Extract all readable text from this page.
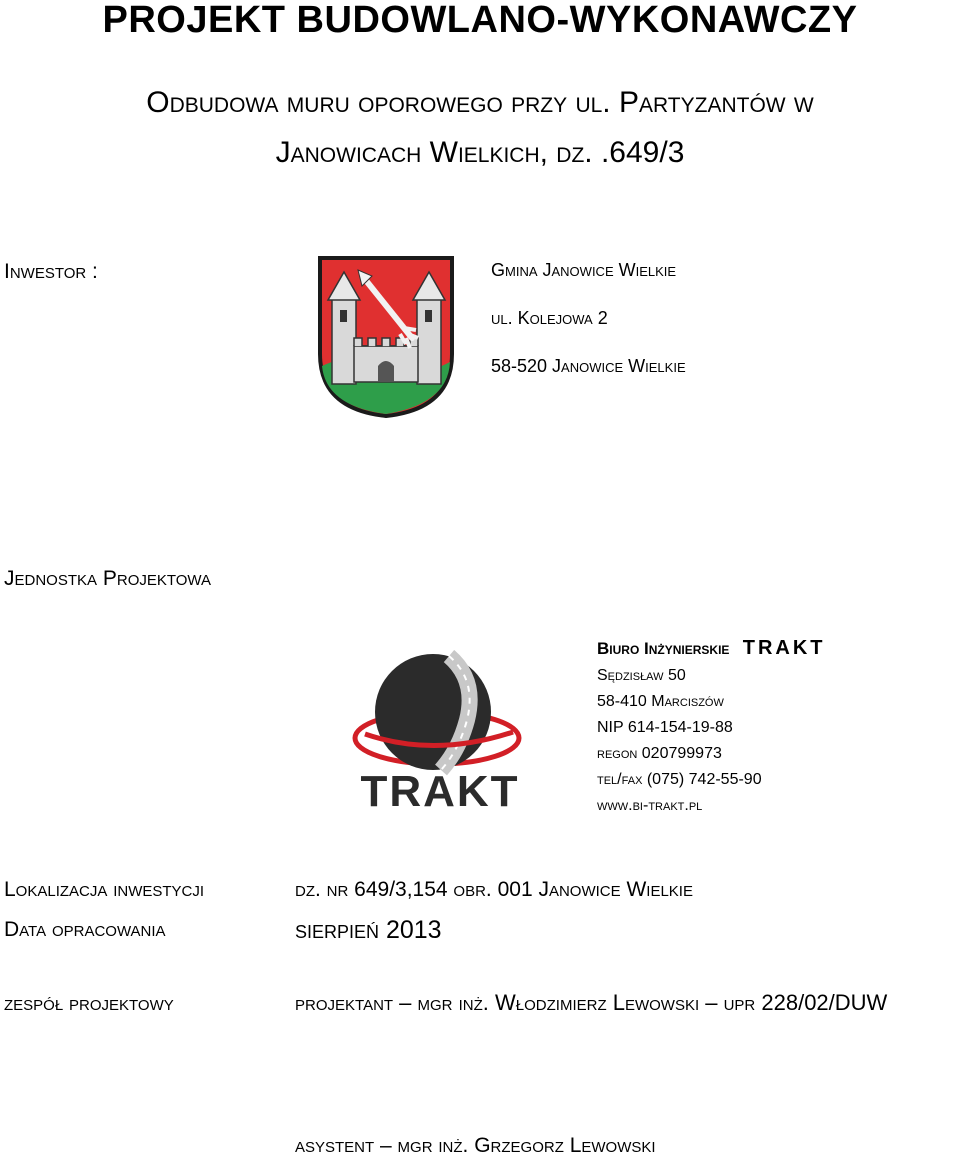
PROJEKT BUDOWLANO-WYKONAWCZY
Odbudowa muru oporowego przy ul. Partyzantów w
Janowicach Wielkich, dz. .649/3
Inwestor :	Gmina Janowice Wielkie
ul. Kolejowa 2
58-520 Janowice Wielkie
Jednostka Projektowa
TRAKT
Biuro Inżynierskie TRAKT
Sędzisław 50
58-410 Marciszów
NIP 614-154-19-88
regon 020799973
tel/fax (075) 742-55-90
www.bi-trakt.pl
Lokalizacja inwestycji	dz. nr 649/3,154 obr. 001 Janowice Wielkie
Data opracowania	sierpień 2013
zespół projektowy	projektant – mgr inż. Włodzimierz Lewowski – upr 228/02/DUW
asystent – mgr inż. Grzegorz Lewowski
